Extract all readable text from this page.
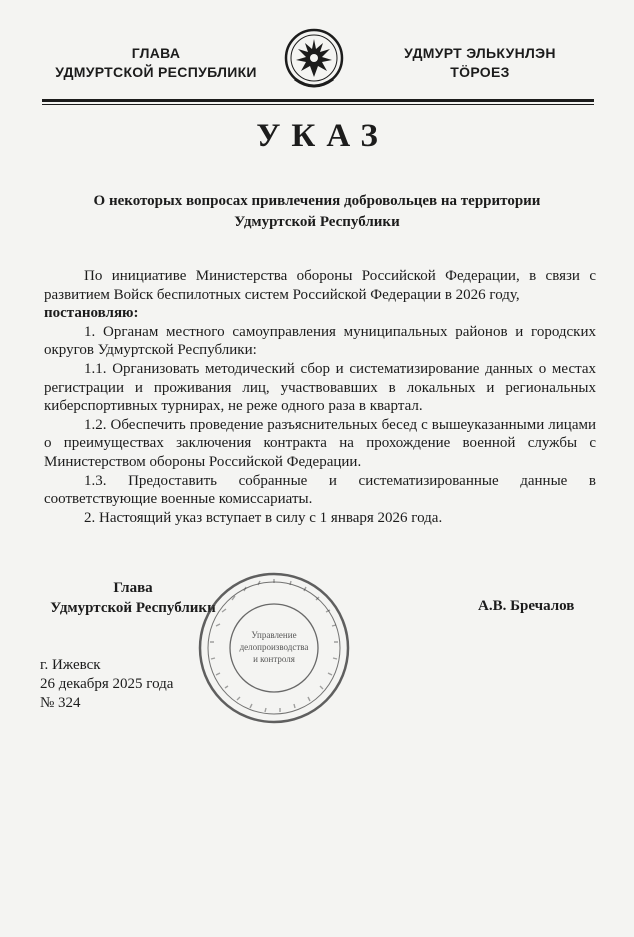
ГЛАВА
УДМУРТСКОЙ РЕСПУБЛИКИ
УДМУРТ ЭЛЬКУНЛЭН
ТӦРОЕЗ
УКАЗ
О некоторых вопросах привлечения добровольцев на территории
Удмуртской Республики

По инициативе Министерства обороны Российской Федерации, в связи с развитием Войск беспилотных систем Российской Федерации в 2026 году,
постановляю:

1. Органам местного самоуправления муниципальных районов и городских округов Удмуртской Республики:

1.1. Организовать методический сбор и систематизирование данных о местах регистрации и проживания лиц, участвовавших в локальных и региональных киберспортивных турнирах, не реже одного раза в квартал.

1.2. Обеспечить проведение разъяснительных бесед с вышеуказанными лицами о преимуществах заключения контракта на прохождение военной службы с Министерством обороны Российской Федерации.

1.3. Предоставить собранные и систематизированные данные в соответствующие военные комиссариаты.

2. Настоящий указ вступает в силу с 1 января 2026 года.

Глава
Удмуртской Республики
Управление
делопроизводства
и контроля
А.В. Бречалов
г. Ижевск
26 декабря 2025 года
№ 324
